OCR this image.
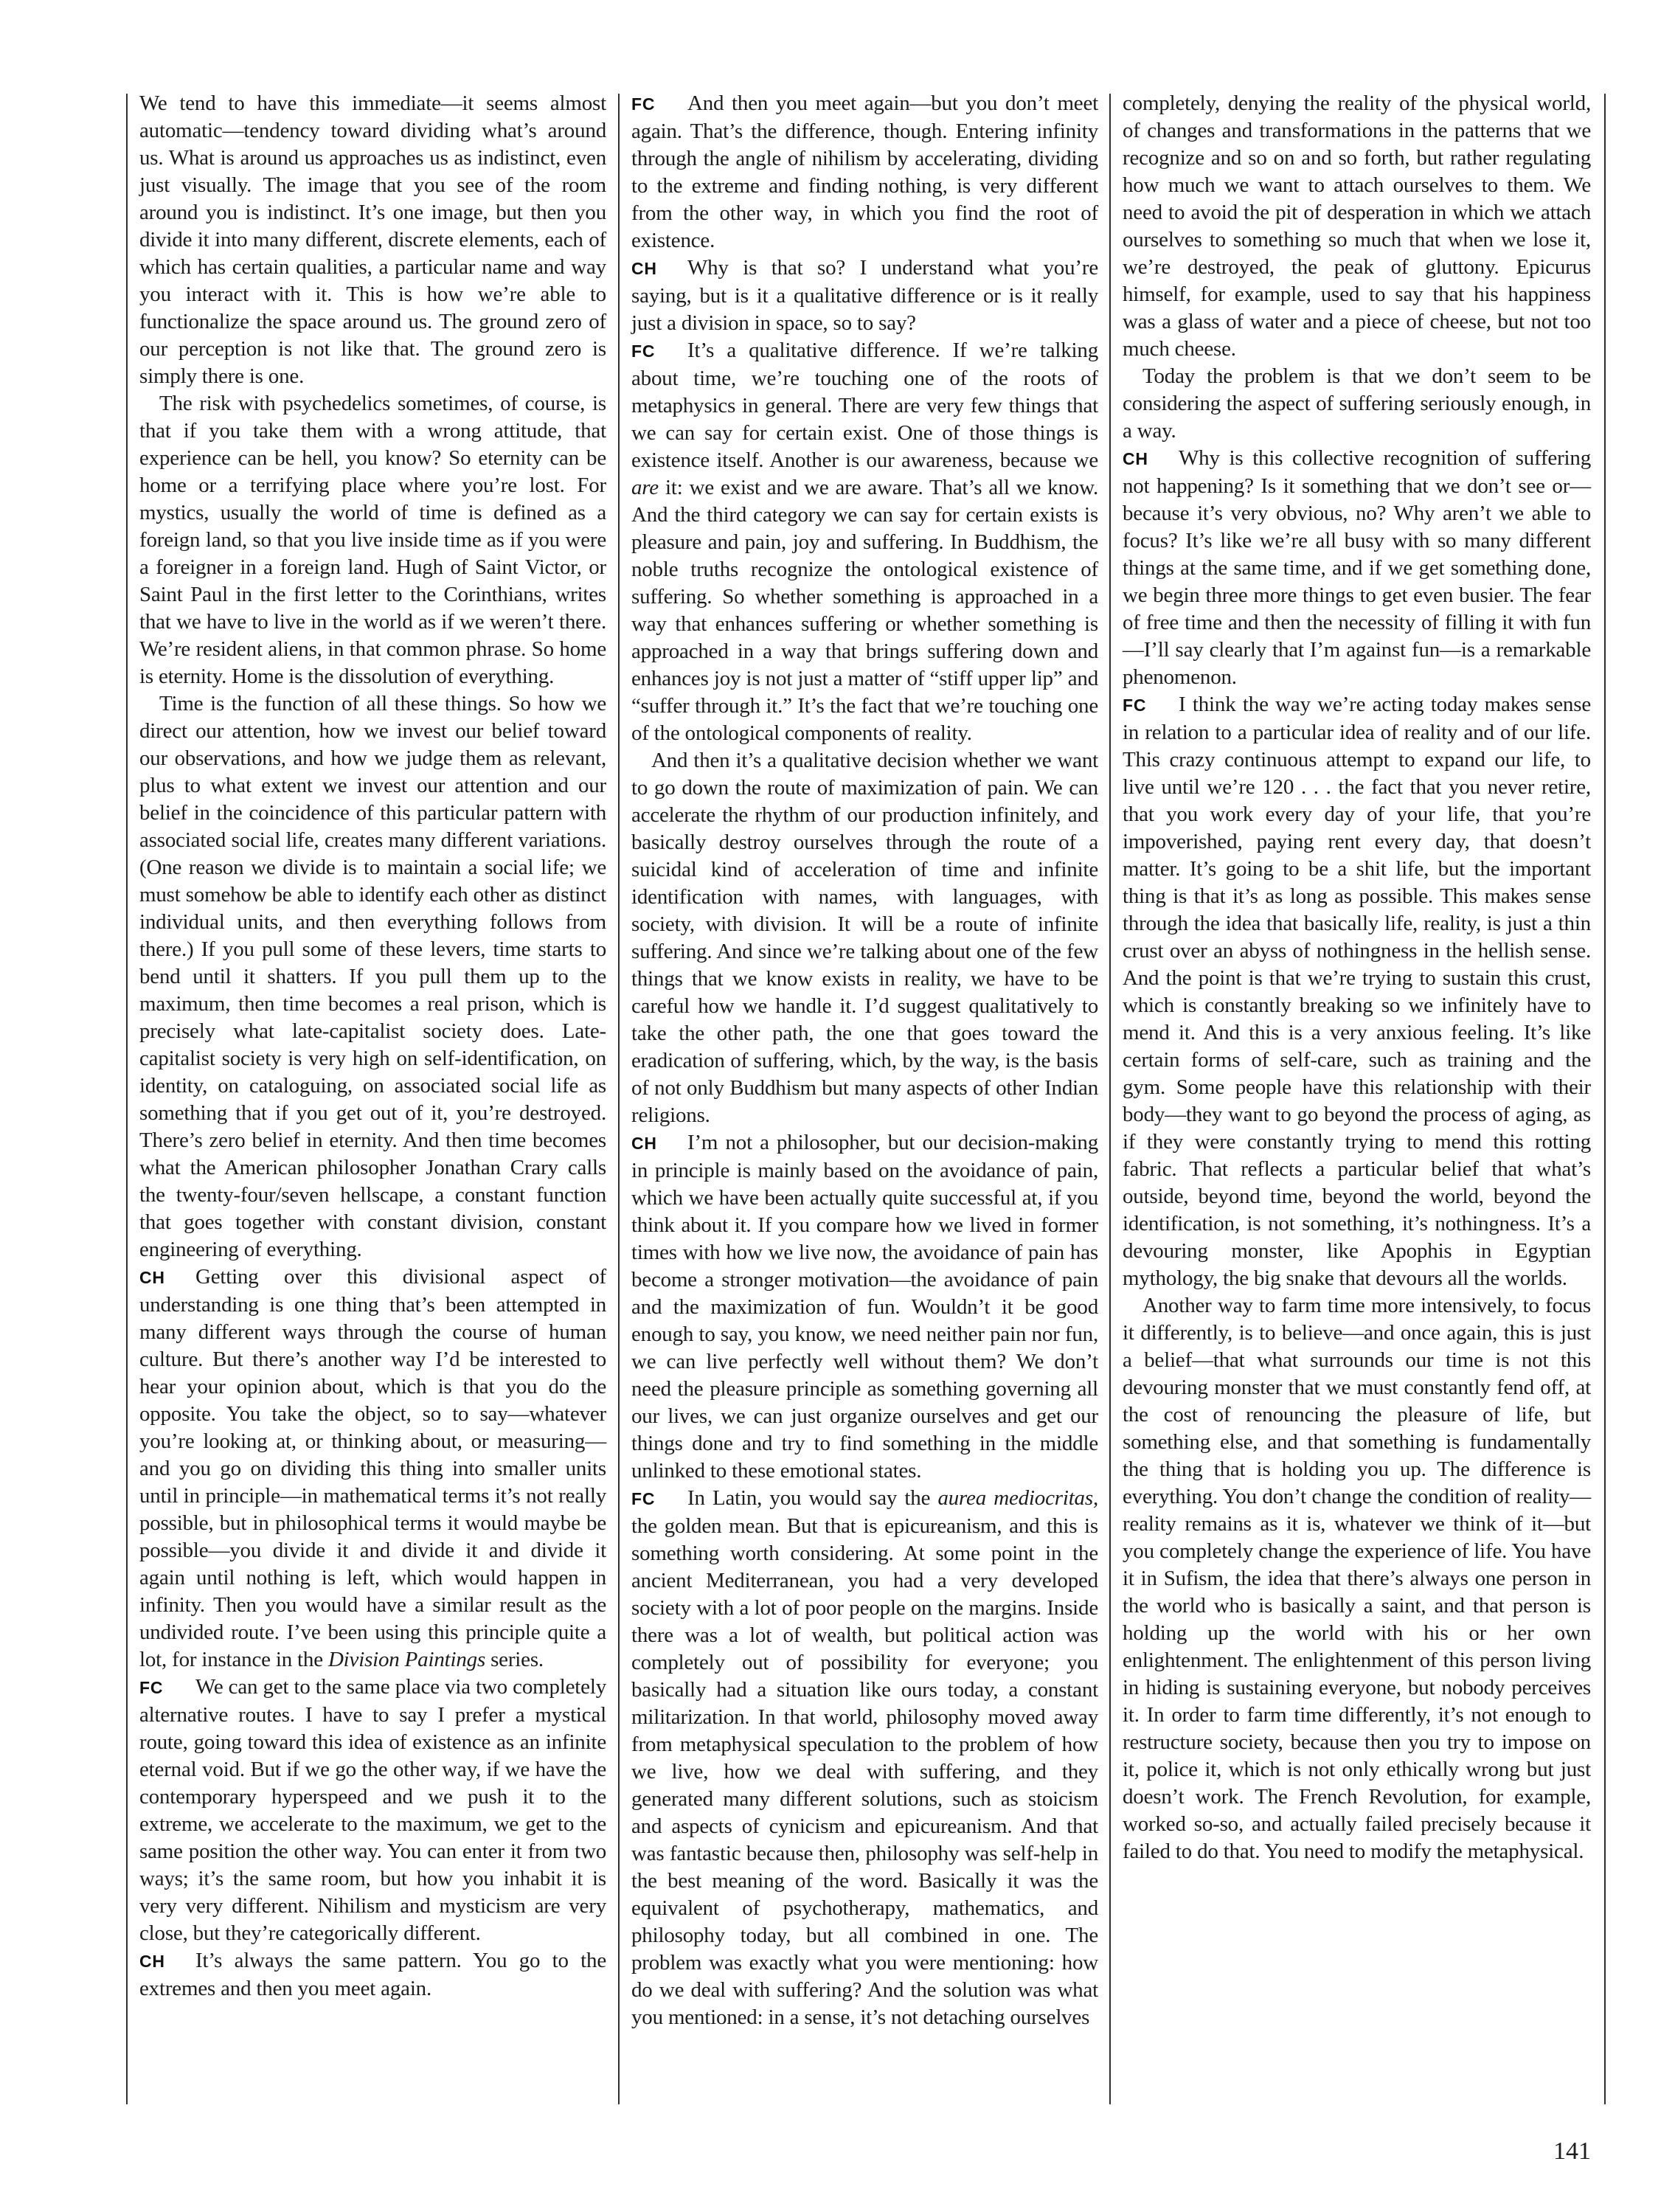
We tend to have this immediate—it seems almost automatic—tendency toward dividing what’s around us. What is around us approaches us as indistinct, even just visually. The image that you see of the room around you is indistinct. It’s one image, but then you divide it into many different, discrete elements, each of which has certain qualities, a particular name and way you interact with it. This is how we’re able to functionalize the space around us. The ground zero of our perception is not like that. The ground zero is simply there is one.

The risk with psychedelics sometimes, of course, is that if you take them with a wrong attitude, that experience can be hell, you know? So eternity can be home or a terrifying place where you’re lost. For mystics, usually the world of time is defined as a foreign land, so that you live inside time as if you were a foreigner in a foreign land. Hugh of Saint Victor, or Saint Paul in the first letter to the Corinthians, writes that we have to live in the world as if we weren’t there. We’re resident aliens, in that common phrase. So home is eternity. Home is the dissolution of everything.

Time is the function of all these things. So how we direct our attention, how we invest our belief toward our observations, and how we judge them as relevant, plus to what extent we invest our attention and our belief in the coincidence of this particular pattern with associated social life, creates many different variations. (One reason we divide is to maintain a social life; we must somehow be able to identify each other as distinct individual units, and then everything follows from there.) If you pull some of these levers, time starts to bend until it shatters. If you pull them up to the maximum, then time becomes a real prison, which is precisely what late-capitalist society does. Late-capitalist society is very high on self-identification, on identity, on cataloguing, on associated social life as something that if you get out of it, you’re destroyed. There’s zero belief in eternity. And then time becomes what the American philosopher Jonathan Crary calls the twenty-four/seven hellscape, a constant function that goes together with constant division, constant engineering of everything.

CH Getting over this divisional aspect of understanding is one thing that’s been attempted in many different ways through the course of human culture. But there’s another way I’d be interested to hear your opinion about, which is that you do the opposite. You take the object, so to say—whatever you’re looking at, or thinking about, or measuring—and you go on dividing this thing into smaller units until in principle—in mathematical terms it’s not really possible, but in philosophical terms it would maybe be possible—you divide it and divide it and divide it again until nothing is left, which would happen in infinity. Then you would have a similar result as the undivided route. I’ve been using this principle quite a lot, for instance in the Division Paintings series.

FC We can get to the same place via two completely alternative routes. I have to say I prefer a mystical route, going toward this idea of existence as an infinite eternal void. But if we go the other way, if we have the contemporary hyperspeed and we push it to the extreme, we accelerate to the maximum, we get to the same position the other way. You can enter it from two ways; it’s the same room, but how you inhabit it is very very different. Nihilism and mysticism are very close, but they’re categorically different.

CH It’s always the same pattern. You go to the extremes and then you meet again.

FC And then you meet again—but you don’t meet again. That’s the difference, though. Entering infinity through the angle of nihilism by accelerating, dividing to the extreme and finding nothing, is very different from the other way, in which you find the root of existence.

CH Why is that so? I understand what you’re saying, but is it a qualitative difference or is it really just a division in space, so to say?

FC It’s a qualitative difference. If we’re talking about time, we’re touching one of the roots of metaphysics in general. There are very few things that we can say for certain exist. One of those things is existence itself. Another is our awareness, because we are it: we exist and we are aware. That’s all we know. And the third category we can say for certain exists is pleasure and pain, joy and suffering. In Buddhism, the noble truths recognize the ontological existence of suffering. So whether something is approached in a way that enhances suffering or whether something is approached in a way that brings suffering down and enhances joy is not just a matter of “stiff upper lip” and “suffer through it.” It’s the fact that we’re touching one of the ontological components of reality.

And then it’s a qualitative decision whether we want to go down the route of maximization of pain. We can accelerate the rhythm of our production infinitely, and basically destroy ourselves through the route of a suicidal kind of acceleration of time and infinite identification with names, with languages, with society, with division. It will be a route of infinite suffering. And since we’re talking about one of the few things that we know exists in reality, we have to be careful how we handle it. I’d suggest qualitatively to take the other path, the one that goes toward the eradication of suffering, which, by the way, is the basis of not only Buddhism but many aspects of other Indian religions.

CH I’m not a philosopher, but our decision-making in principle is mainly based on the avoidance of pain, which we have been actually quite successful at, if you think about it. If you compare how we lived in former times with how we live now, the avoidance of pain has become a stronger motivation—the avoidance of pain and the maximization of fun. Wouldn’t it be good enough to say, you know, we need neither pain nor fun, we can live perfectly well without them? We don’t need the pleasure principle as something governing all our lives, we can just organize ourselves and get our things done and try to find something in the middle unlinked to these emotional states.

FC In Latin, you would say the aurea mediocritas, the golden mean. But that is epicureanism, and this is something worth considering. At some point in the ancient Mediterranean, you had a very developed society with a lot of poor people on the margins. Inside there was a lot of wealth, but political action was completely out of possibility for everyone; you basically had a situation like ours today, a constant militarization. In that world, philosophy moved away from metaphysical speculation to the problem of how we live, how we deal with suffering, and they generated many different solutions, such as stoicism and aspects of cynicism and epicureanism. And that was fantastic because then, philosophy was self-help in the best meaning of the word. Basically it was the equivalent of psychotherapy, mathematics, and philosophy today, but all combined in one. The problem was exactly what you were mentioning: how do we deal with suffering? And the solution was what you mentioned: in a sense, it’s not detaching ourselves

completely, denying the reality of the physical world, of changes and transformations in the patterns that we recognize and so on and so forth, but rather regulating how much we want to attach ourselves to them. We need to avoid the pit of desperation in which we attach ourselves to something so much that when we lose it, we’re destroyed, the peak of gluttony. Epicurus himself, for example, used to say that his happiness was a glass of water and a piece of cheese, but not too much cheese.

Today the problem is that we don’t seem to be considering the aspect of suffering seriously enough, in a way.

CH Why is this collective recognition of suffering not happening? Is it something that we don’t see or—because it’s very obvious, no? Why aren’t we able to focus? It’s like we’re all busy with so many different things at the same time, and if we get something done, we begin three more things to get even busier. The fear of free time and then the necessity of filling it with fun—I’ll say clearly that I’m against fun—is a remarkable phenomenon.

FC I think the way we’re acting today makes sense in relation to a particular idea of reality and of our life. This crazy continuous attempt to expand our life, to live until we’re 120 . . . the fact that you never retire, that you work every day of your life, that you’re impoverished, paying rent every day, that doesn’t matter. It’s going to be a shit life, but the important thing is that it’s as long as possible. This makes sense through the idea that basically life, reality, is just a thin crust over an abyss of nothingness in the hellish sense. And the point is that we’re trying to sustain this crust, which is constantly breaking so we infinitely have to mend it. And this is a very anxious feeling. It’s like certain forms of self-care, such as training and the gym. Some people have this relationship with their body—they want to go beyond the process of aging, as if they were constantly trying to mend this rotting fabric. That reflects a particular belief that what’s outside, beyond time, beyond the world, beyond the identification, is not something, it’s nothingness. It’s a devouring monster, like Apophis in Egyptian mythology, the big snake that devours all the worlds.

Another way to farm time more intensively, to focus it differently, is to believe—and once again, this is just a belief—that what surrounds our time is not this devouring monster that we must constantly fend off, at the cost of renouncing the pleasure of life, but something else, and that something is fundamentally the thing that is holding you up. The difference is everything. You don’t change the condition of reality—reality remains as it is, whatever we think of it—but you completely change the experience of life. You have it in Sufism, the idea that there’s always one person in the world who is basically a saint, and that person is holding up the world with his or her own enlightenment. The enlightenment of this person living in hiding is sustaining everyone, but nobody perceives it. In order to farm time differently, it’s not enough to restructure society, because then you try to impose on it, police it, which is not only ethically wrong but just doesn’t work. The French Revolution, for example, worked so-so, and actually failed precisely because it failed to do that. You need to modify the metaphysical.

141
